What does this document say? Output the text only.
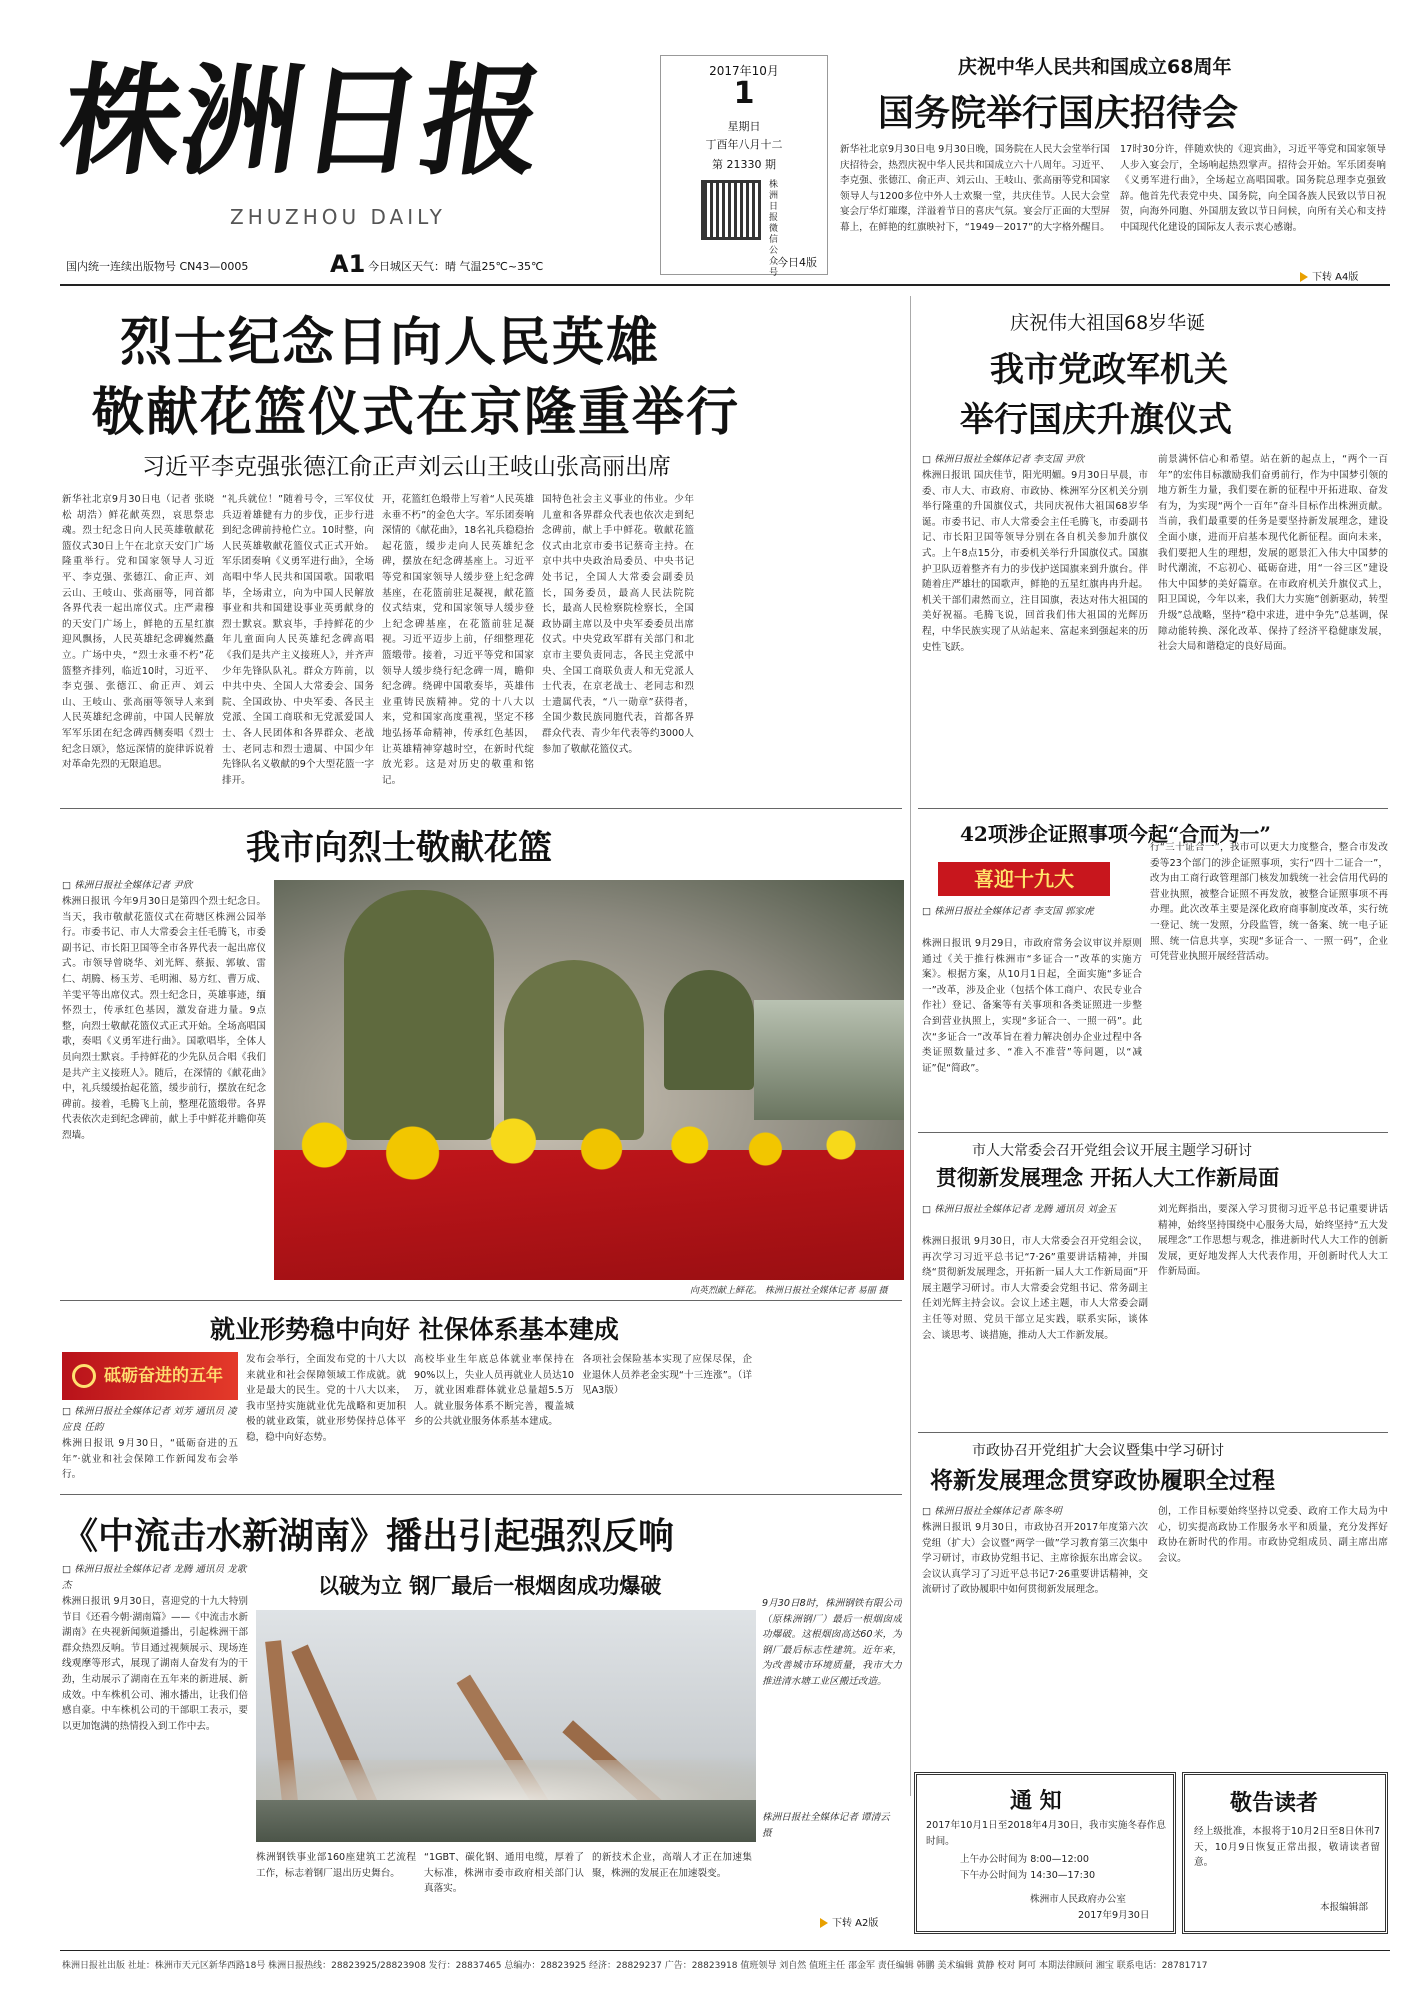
株洲日报
ZHUZHOU DAILY
国内统一连续出版物号 CN43—0005	A1 今日城区天气：晴 气温25℃~35℃
2017年10月
1
星期日
丁酉年八月十二
第 21330 期
株洲日报微信公众号
今日4版
庆祝中华人民共和国成立68周年
国务院举行国庆招待会
新华社北京9月30日电 9月30日晚，国务院在人民大会堂举行国庆招待会，热烈庆祝中华人民共和国成立六十八周年。习近平、李克强、张德江、俞正声、刘云山、王岐山、张高丽等党和国家领导人与1200多位中外人士欢聚一堂，共庆佳节。人民大会堂宴会厅华灯璀璨，洋溢着节日的喜庆气氛。宴会厅正面的大型屏幕上，在鲜艳的红旗映衬下，“1949－2017”的大字格外醒目。
17时30分许，伴随欢快的《迎宾曲》，习近平等党和国家领导人步入宴会厅，全场响起热烈掌声。招待会开始。军乐团奏响《义勇军进行曲》，全场起立高唱国歌。国务院总理李克强致辞。他首先代表党中央、国务院，向全国各族人民致以节日祝贺，向海外同胞、外国朋友致以节日问候，向所有关心和支持中国现代化建设的国际友人表示衷心感谢。
下转 A4版
烈士纪念日向人民英雄
敬献花篮仪式在京隆重举行
习近平李克强张德江俞正声刘云山王岐山张高丽出席
新华社北京9月30日电（记者 张晓松 胡浩）鲜花献英烈，哀思祭忠魂。烈士纪念日向人民英雄敬献花篮仪式30日上午在北京天安门广场隆重举行。党和国家领导人习近平、李克强、张德江、俞正声、刘云山、王岐山、张高丽等，同首都各界代表一起出席仪式。庄严肃穆的天安门广场上，鲜艳的五星红旗迎风飘扬，人民英雄纪念碑巍然矗立。广场中央，“烈士永垂不朽”花篮整齐排列，临近10时，习近平、李克强、张德江、俞正声、刘云山、王岐山、张高丽等领导人来到人民英雄纪念碑前，中国人民解放军军乐团在纪念碑西侧奏唱《烈士纪念日颂》，悠远深情的旋律诉说着对革命先烈的无限追思。
“礼兵就位！”随着号令，三军仪仗兵迈着雄健有力的步伐，正步行进到纪念碑前持枪伫立。10时整，向人民英雄敬献花篮仪式正式开始。军乐团奏响《义勇军进行曲》，全场高唱中华人民共和国国歌。国歌唱毕，全场肃立，向为中国人民解放事业和共和国建设事业英勇献身的烈士默哀。默哀毕，手持鲜花的少年儿童面向人民英雄纪念碑高唱《我们是共产主义接班人》，并齐声少年先锋队队礼。群众方阵前，以中共中央、全国人大常委会、国务院、全国政协、中央军委、各民主党派、全国工商联和无党派爱国人士、各人民团体和各界群众、老战士、老同志和烈士遗属、中国少年先锋队名义敬献的9个大型花篮一字排开。
开，花篮红色缎带上写着“人民英雄永垂不朽”的金色大字。军乐团奏响深情的《献花曲》，18名礼兵稳稳抬起花篮，缓步走向人民英雄纪念碑，摆放在纪念碑基座上。习近平等党和国家领导人缓步登上纪念碑基座，在花篮前驻足凝视，献花篮仪式结束，党和国家领导人缓步登上纪念碑基座，在花篮前驻足凝视。习近平迈步上前，仔细整理花篮缎带。接着，习近平等党和国家领导人缓步绕行纪念碑一周，瞻仰纪念碑。绕碑中国歌奏毕，英雄伟业重铸民族精神。党的十八大以来，党和国家高度重视，坚定不移地弘扬革命精神，传承红色基因，让英雄精神穿越时空，在新时代绽放光彩。这是对历史的敬重和铭记。
国特色社会主义事业的伟业。少年儿童和各界群众代表也依次走到纪念碑前，献上手中鲜花。敬献花篮仪式由北京市委书记蔡奇主持。在京中共中央政治局委员、中央书记处书记，全国人大常委会副委员长，国务委员，最高人民法院院长，最高人民检察院检察长，全国政协副主席以及中央军委委员出席仪式。中央党政军群有关部门和北京市主要负责同志，各民主党派中央、全国工商联负责人和无党派人士代表，在京老战士、老同志和烈士遗属代表，“八一勋章”获得者，全国少数民族同胞代表，首都各界群众代表、青少年代表等约3000人参加了敬献花篮仪式。
庆祝伟大祖国68岁华诞
我市党政军机关
举行国庆升旗仪式
□ 株洲日报社全媒体记者 李支国 尹欣
株洲日报讯 国庆佳节，阳光明媚。9月30日早晨，市委、市人大、市政府、市政协、株洲军分区机关分别举行隆重的升国旗仪式，共同庆祝伟大祖国68岁华诞。市委书记、市人大常委会主任毛腾飞，市委副书记、市长阳卫国等领导分别在各自机关参加升旗仪式。上午8点15分，市委机关举行升国旗仪式。国旗护卫队迈着整齐有力的步伐护送国旗来到升旗台。伴随着庄严雄壮的国歌声，鲜艳的五星红旗冉冉升起。机关干部们肃然而立，注目国旗，表达对伟大祖国的美好祝福。毛腾飞说，回首我们伟大祖国的光辉历程，中华民族实现了从站起来、富起来到强起来的历史性飞跃。
前景满怀信心和希望。站在新的起点上，“两个一百年”的宏伟目标激励我们奋勇前行，作为中国梦引领的地方新生力量，我们要在新的征程中开拓进取、奋发有为，为实现“两个一百年”奋斗目标作出株洲贡献。当前，我们最重要的任务是要坚持新发展理念，建设全面小康，进而开启基本现代化新征程。面向未来，我们要把人生的理想，发展的愿景汇入伟大中国梦的时代潮流，不忘初心、砥砺奋进，用“一谷三区”建设伟大中国梦的美好篇章。在市政府机关升旗仪式上，阳卫国说，今年以来，我们大力实施“创新驱动，转型升级”总战略，坚持“稳中求进，进中争先”总基调，保障动能转换、深化改革、保持了经济平稳健康发展，社会大局和谐稳定的良好局面。
我市向烈士敬献花篮
□ 株洲日报社全媒体记者 尹欣
株洲日报讯 今年9月30日是第四个烈士纪念日。当天，我市敬献花篮仪式在荷塘区株洲公园举行。市委书记、市人大常委会主任毛腾飞，市委副书记、市长阳卫国等全市各界代表一起出席仪式。市领导曾晓华、刘光辉、蔡振、郭敏、雷仁、胡腾、杨玉芳、毛明湘、易方红、曹万成、羊雯平等出席仪式。烈士纪念日，英雄事迹，缅怀烈士，传承红色基因，激发奋进力量。9点整，向烈士敬献花篮仪式正式开始。全场高唱国歌，奏唱《义勇军进行曲》。国歌唱毕，全体人员向烈士默哀。手持鲜花的少先队员合唱《我们是共产主义接班人》。随后，在深情的《献花曲》中，礼兵缓缓抬起花篮，缓步前行，摆放在纪念碑前。接着，毛腾飞上前，整理花篮缎带。各界代表依次走到纪念碑前，献上手中鲜花并瞻仰英烈墙。
向英烈献上鲜花。 株洲日报社全媒体记者 易丽 摄
42项涉企证照事项今起“合而为一”
喜迎十九大
□ 株洲日报社全媒体记者 李支国 郭家虎
株洲日报讯 9月29日，市政府常务会议审议并原则通过《关于推行株洲市“多证合一”改革的实施方案》。根据方案，从10月1日起，全面实施“多证合一”改革，涉及企业（包括个体工商户、农民专业合作社）登记、备案等有关事项和各类证照进一步整合到营业执照上，实现“多证合一、一照一码”。此次“多证合一”改革旨在着力解决创办企业过程中各类证照数量过多、“准入不准营”等问题，以“减证”促“简政”。
行“三十证合一”，我市可以更大力度整合，整合市发改委等23个部门的涉企证照事项，实行“四十二证合一”，改为由工商行政管理部门核发加载统一社会信用代码的营业执照，被整合证照不再发放，被整合证照事项不再办理。此次改革主要是深化政府商事制度改革，实行统一登记、统一发照，分段监管，统一备案、统一电子证照、统一信息共享，实现“多证合一、一照一码”，企业可凭营业执照开展经营活动。
市人大常委会召开党组会议开展主题学习研讨
贯彻新发展理念 开拓人大工作新局面
□ 株洲日报社全媒体记者 龙腾 通讯员 刘金玉
株洲日报讯 9月30日，市人大常委会召开党组会议，再次学习习近平总书记“7·26”重要讲话精神，并围绕“贯彻新发展理念，开拓新一届人大工作新局面”开展主题学习研讨。市人大常委会党组书记、常务副主任刘光辉主持会议。会议上述主题，市人大常委会副主任等对照、党员干部立足实践，联系实际，谈体会、谈思考、谈措施，推动人大工作新发展。
刘光辉指出，要深入学习贯彻习近平总书记重要讲话精神，始终坚持围绕中心服务大局，始终坚持“五大发展理念”工作思想与观念，推进新时代人大工作的创新发展，更好地发挥人大代表作用，开创新时代人大工作新局面。
市政协召开党组扩大会议暨集中学习研讨
将新发展理念贯穿政协履职全过程
□ 株洲日报社全媒体记者 陈冬明
株洲日报讯 9月30日，市政协召开2017年度第六次党组（扩大）会议暨“两学一做”学习教育第三次集中学习研讨，市政协党组书记、主席徐振东出席会议。会议认真学习了习近平总书记7·26重要讲话精神，交流研讨了政协履职中如何贯彻新发展理念。
创，工作目标要始终坚持以党委、政府工作大局为中心，切实提高政协工作服务水平和质量，充分发挥好政协在新时代的作用。市政协党组成员、副主席出席会议。
就业形势稳中向好 社保体系基本建成
砥砺奋进的五年
□ 株洲日报社全媒体记者 刘芳 通讯员 凌应良 任韵
株洲日报讯 9月30日，“砥砺奋进的五年”·就业和社会保障工作新闻发布会举行。
发布会举行，全面发布党的十八大以来就业和社会保障领域工作成就。就业是最大的民生。党的十八大以来，我市坚持实施就业优先战略和更加积极的就业政策，就业形势保持总体平稳，稳中向好态势。
高校毕业生年底总体就业率保持在90%以上，失业人员再就业人员达10万，就业困难群体就业总量超5.5万人。就业服务体系不断完善，覆盖城乡的公共就业服务体系基本建成。
各项社会保险基本实现了应保尽保，企业退休人员养老金实现“十三连涨”。（详见A3版）
《中流击水新湖南》播出引起强烈反响
□ 株洲日报社全媒体记者 龙腾 通讯员 龙歌杰
株洲日报讯 9月30日，喜迎党的十九大特别节目《还看今朝·湖南篇》——《中流击水新湖南》在央视新闻频道播出，引起株洲干部群众热烈反响。节目通过视频展示、现场连线观摩等形式，展现了湖南人奋发有为的干劲，生动展示了湖南在五年来的新进展、新成效。中车株机公司、湘水播出，让我们倍感自豪。中车株机公司的干部职工表示，要以更加饱满的热情投入到工作中去。
以破为立 钢厂最后一根烟囱成功爆破
9月30日8时，株洲钢铁有限公司（原株洲钢厂）最后一根烟囱成功爆破。这根烟囱高达60米，为钢厂最后标志性建筑。近年来，为改善城市环境质量，我市大力推进清水塘工业区搬迁改造。
株洲日报社全媒体记者 谭清云 摄
株洲钢铁事业部160座建筑工艺流程工作，标志着钢厂退出历史舞台。
“1GBT、碳化钢、通用电缆，厚着了大标准，株洲市委市政府相关部门认真落实。
的新技术企业，高端人才正在加速集聚，株洲的发展正在加速裂变。
下转 A2版
通 知
2017年10月1日至2018年4月30日，我市实施冬春作息时间。
上午办公时间为 8:00—12:00
下午办公时间为 14:30—17:30
株洲市人民政府办公室
2017年9月30日
敬告读者
经上级批准，本报将于10月2日至8日休刊7天，10月9日恢复正常出报，敬请读者留意。
本报编辑部
株洲日报社出版 社址：株洲市天元区新华西路18号 株洲日报热线：28823925/28823908 发行：28837465 总编办：28823925 经济：28829237 广告：28823918 值班领导 刘自然 值班主任 邵金军 责任编辑 韩鹏 美术编辑 黄静 校对 阿可 本期法律顾问 湘宝 联系电话：28781717
